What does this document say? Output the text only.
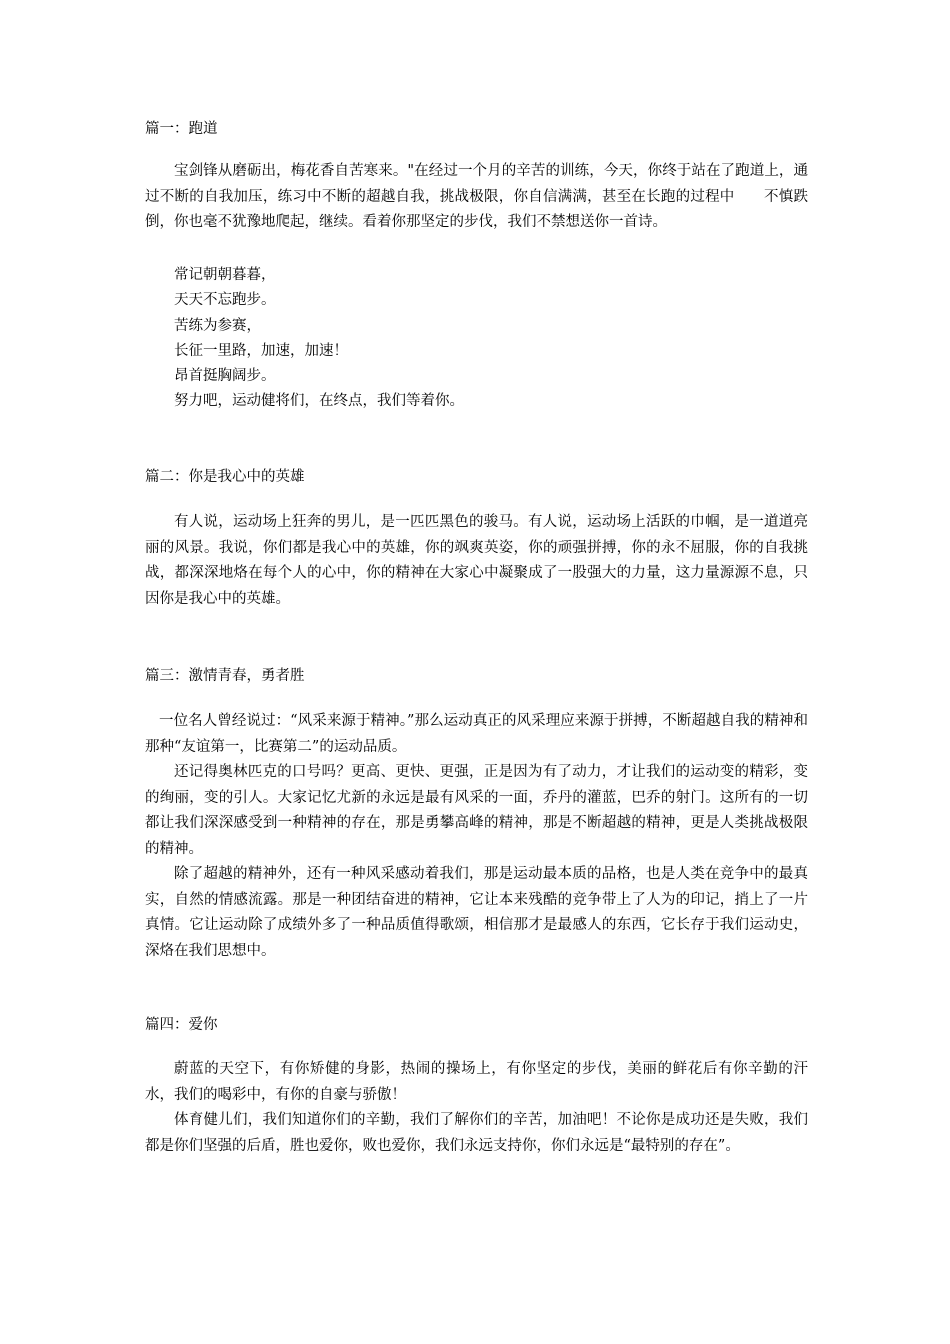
篇一：跑道

宝剑锋从磨砺出，梅花香自苦寒来。"在经过一个月的辛苦的训练，今天，你终于站在了跑道上，通过不断的自我加压，练习中不断的超越自我，挑战极限，你自信满满，甚至在长跑的过程中　　不慎跌倒，你也毫不犹豫地爬起，继续。看着你那坚定的步伐，我们不禁想送你一首诗。

常记朝朝暮暮，
天天不忘跑步。
苦练为参赛，
长征一里路，加速，加速！
昂首挺胸阔步。
努力吧，运动健将们，在终点，我们等着你。
篇二：你是我心中的英雄

有人说，运动场上狂奔的男儿，是一匹匹黑色的骏马。有人说，运动场上活跃的巾帼，是一道道亮丽的风景。我说，你们都是我心中的英雄，你的飒爽英姿，你的顽强拼搏，你的永不屈服，你的自我挑战，都深深地烙在每个人的心中，你的精神在大家心中凝聚成了一股强大的力量，这力量源源不息，只因你是我心中的英雄。

篇三：激情青春，勇者胜

一位名人曾经说过：“风采来源于精神。”那么运动真正的风采理应来源于拼搏，不断超越自我的精神和那种“友谊第一，比赛第二”的运动品质。

还记得奥林匹克的口号吗？更高、更快、更强，正是因为有了动力，才让我们的运动变的精彩，变的绚丽，变的引人。大家记忆尤新的永远是最有风采的一面，乔丹的灌蓝，巴乔的射门。这所有的一切都让我们深深感受到一种精神的存在，那是勇攀高峰的精神，那是不断超越的精神，更是人类挑战极限的精神。

除了超越的精神外，还有一种风采感动着我们，那是运动最本质的品格，也是人类在竞争中的最真实，自然的情感流露。那是一种团结奋进的精神，它让本来残酷的竞争带上了人为的印记，捎上了一片真情。它让运动除了成绩外多了一种品质值得歌颂，相信那才是最感人的东西，它长存于我们运动史，深烙在我们思想中。

篇四：爱你

蔚蓝的天空下，有你矫健的身影，热闹的操场上，有你坚定的步伐，美丽的鲜花后有你辛勤的汗水，我们的喝彩中，有你的自豪与骄傲！

体育健儿们，我们知道你们的辛勤，我们了解你们的辛苦，加油吧！不论你是成功还是失败，我们都是你们坚强的后盾，胜也爱你，败也爱你，我们永远支持你，你们永远是“最特别的存在”。
